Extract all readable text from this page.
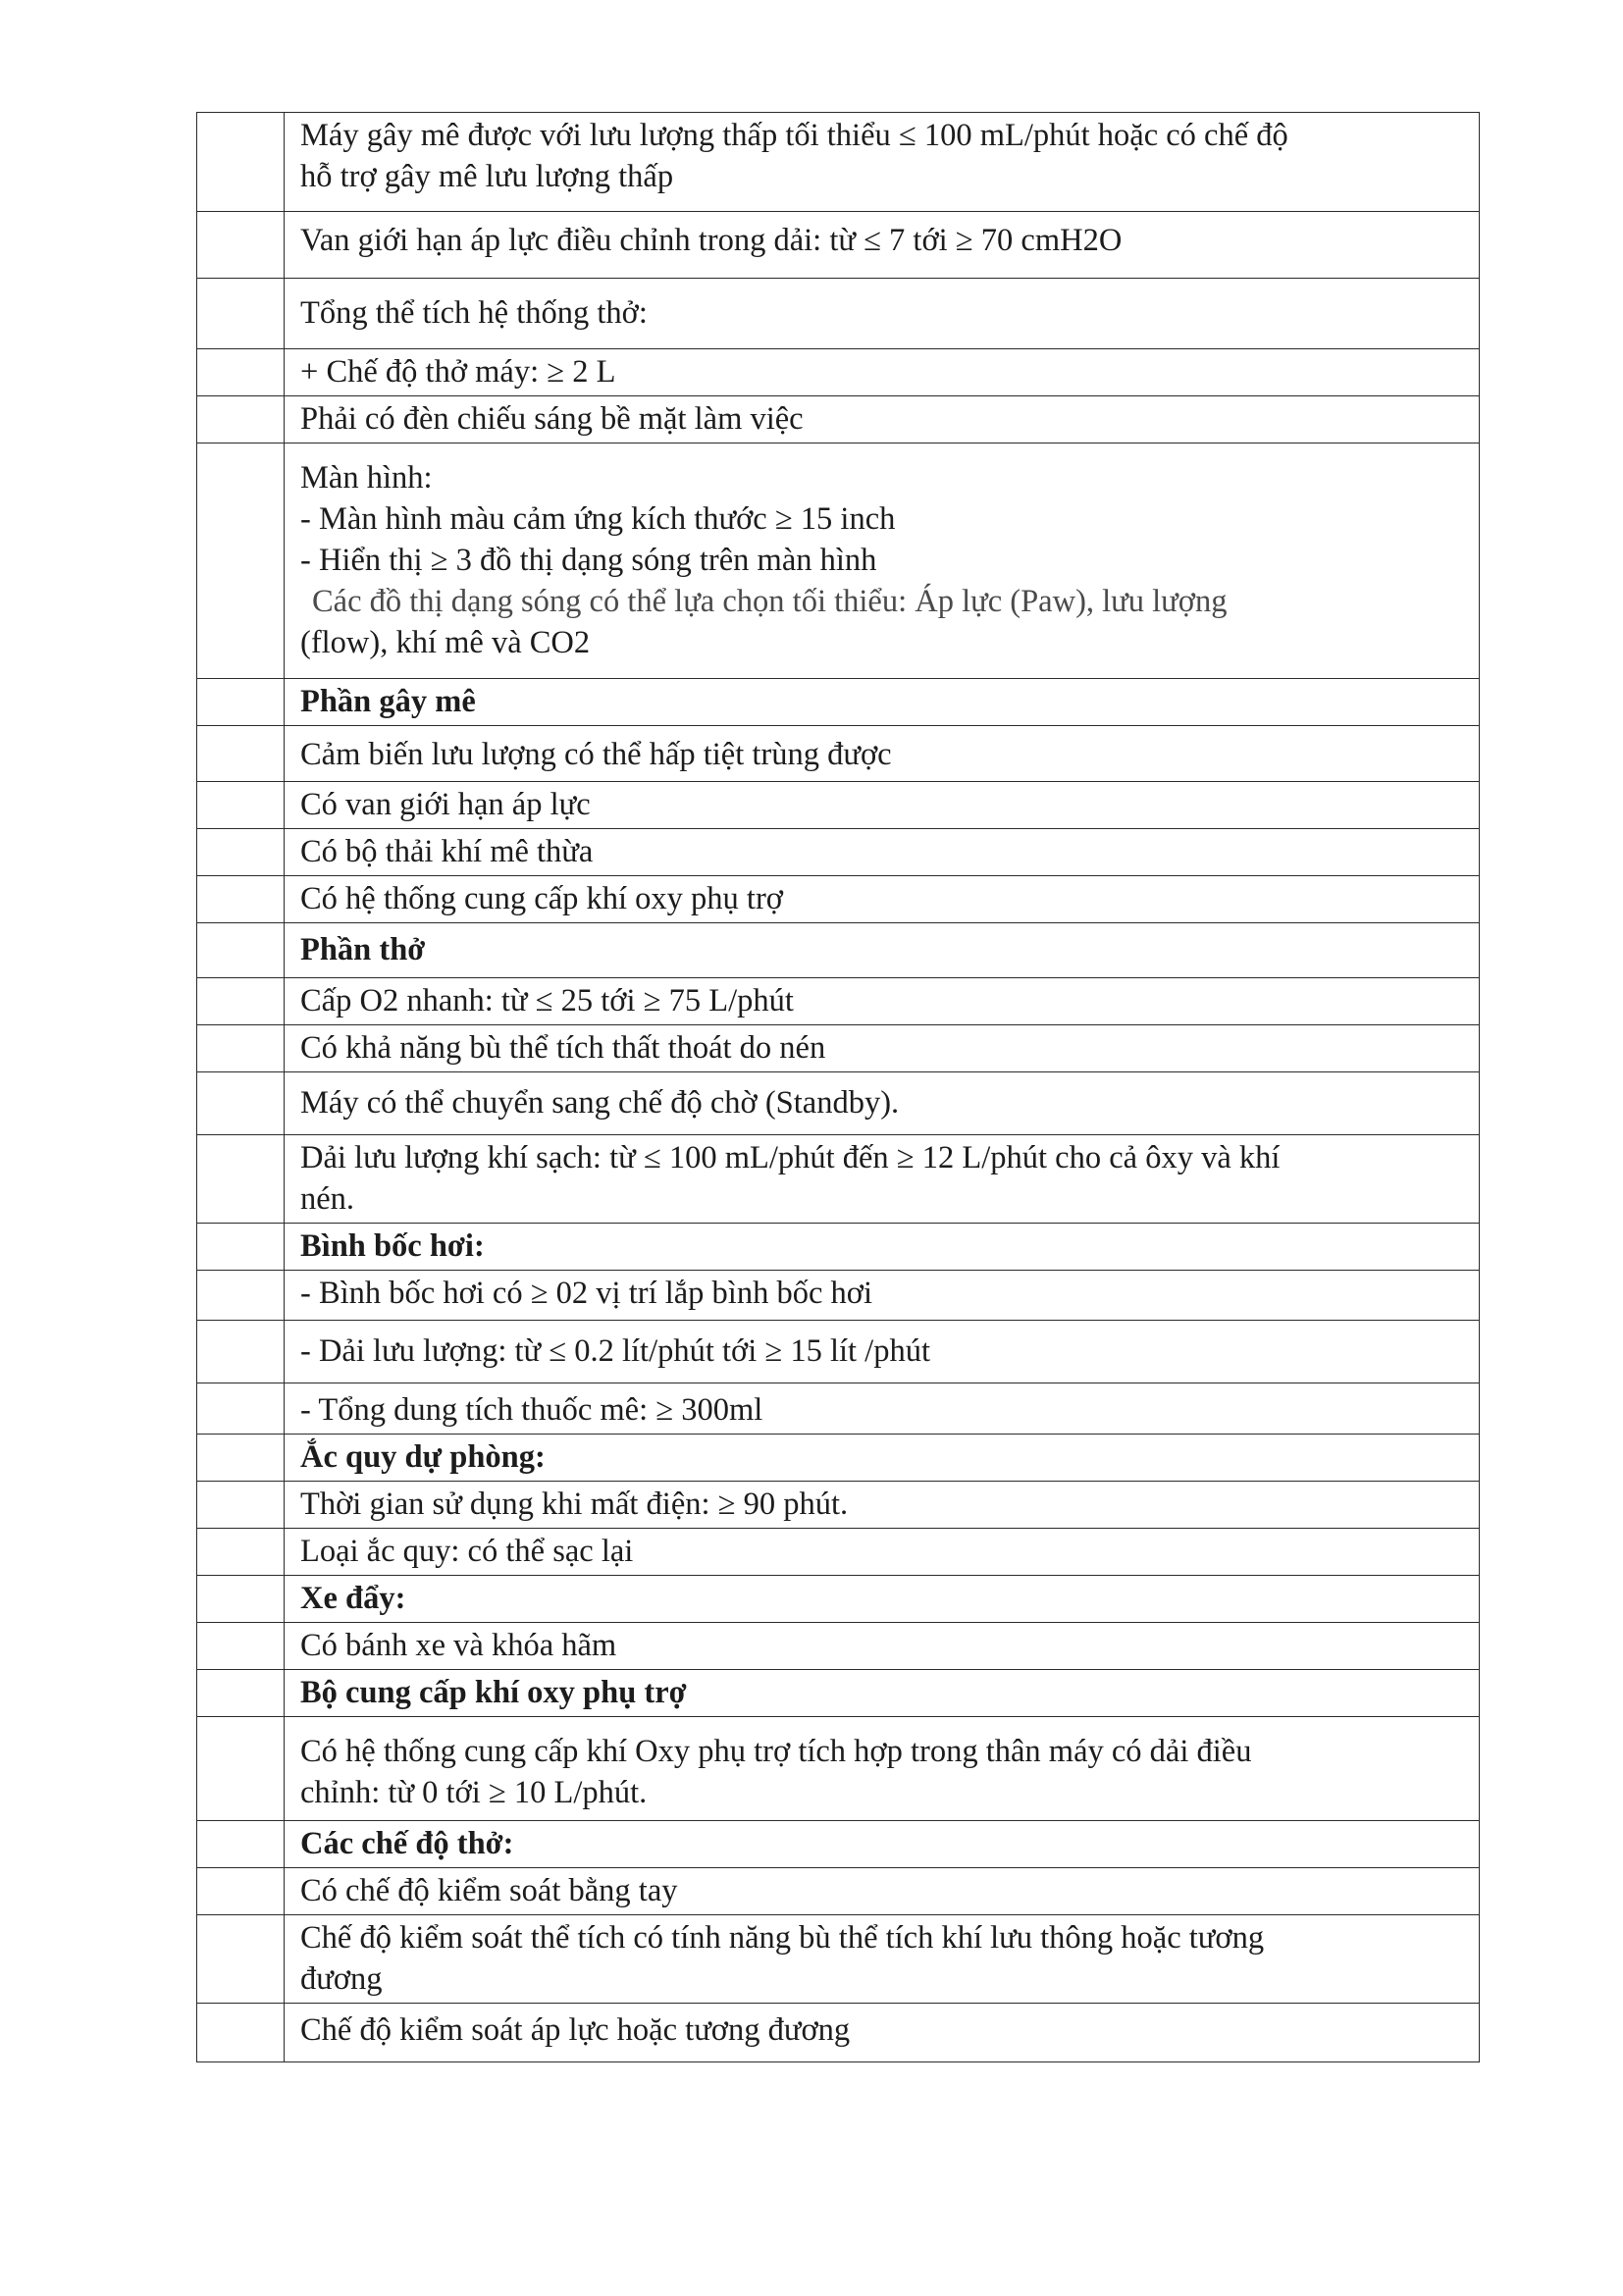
	Máy gây mê được với lưu lượng thấp tối thiểu ≤ 100 mL/phút hoặc có chế độ
hỗ trợ gây mê lưu lượng thấp

	Van giới hạn áp lực điều chỉnh trong dải: từ ≤ 7 tới ≥ 70 cmH2O

	Tổng thể tích hệ thống thở:

	+ Chế độ thở máy: ≥ 2 L

	Phải có đèn chiếu sáng bề mặt làm việc

	Màn hình:
- Màn hình màu cảm ứng kích thước ≥ 15 inch
- Hiển thị ≥ 3 đồ thị dạng sóng trên màn hình
Các đồ thị dạng sóng có thể lựa chọn tối thiểu: Áp lực (Paw), lưu lượng
(flow), khí mê và CO2

	Phần gây mê

	Cảm biến lưu lượng có thể hấp tiệt trùng được

	Có van giới hạn áp lực

	Có bộ thải khí mê thừa

	Có hệ thống cung cấp khí oxy phụ trợ

	Phần thở

	Cấp O2 nhanh: từ ≤ 25 tới ≥ 75 L/phút

	Có khả năng bù thể tích thất thoát do nén

	Máy có thể chuyển sang chế độ chờ (Standby).

	Dải lưu lượng khí sạch: từ ≤ 100 mL/phút đến ≥ 12 L/phút cho cả ôxy và khí
nén.

	Bình bốc hơi:

	- Bình bốc hơi có ≥ 02 vị trí lắp bình bốc hơi

	- Dải lưu lượng: từ ≤ 0.2 lít/phút tới ≥ 15 lít /phút

	- Tổng dung tích thuốc mê: ≥ 300ml

	Ắc quy dự phòng:

	Thời gian sử dụng khi mất điện: ≥ 90 phút.

	Loại ắc quy: có thể sạc lại

	Xe đẩy:

	Có bánh xe và khóa hãm

	Bộ cung cấp khí oxy phụ trợ

	Có hệ thống cung cấp khí Oxy phụ trợ tích hợp trong thân máy có dải điều
chỉnh: từ 0 tới ≥ 10 L/phút.

	Các chế độ thở:

	Có chế độ kiểm soát bằng tay

	Chế độ kiểm soát thể tích có tính năng bù thể tích khí lưu thông hoặc tương
đương

	Chế độ kiểm soát áp lực hoặc tương đương
